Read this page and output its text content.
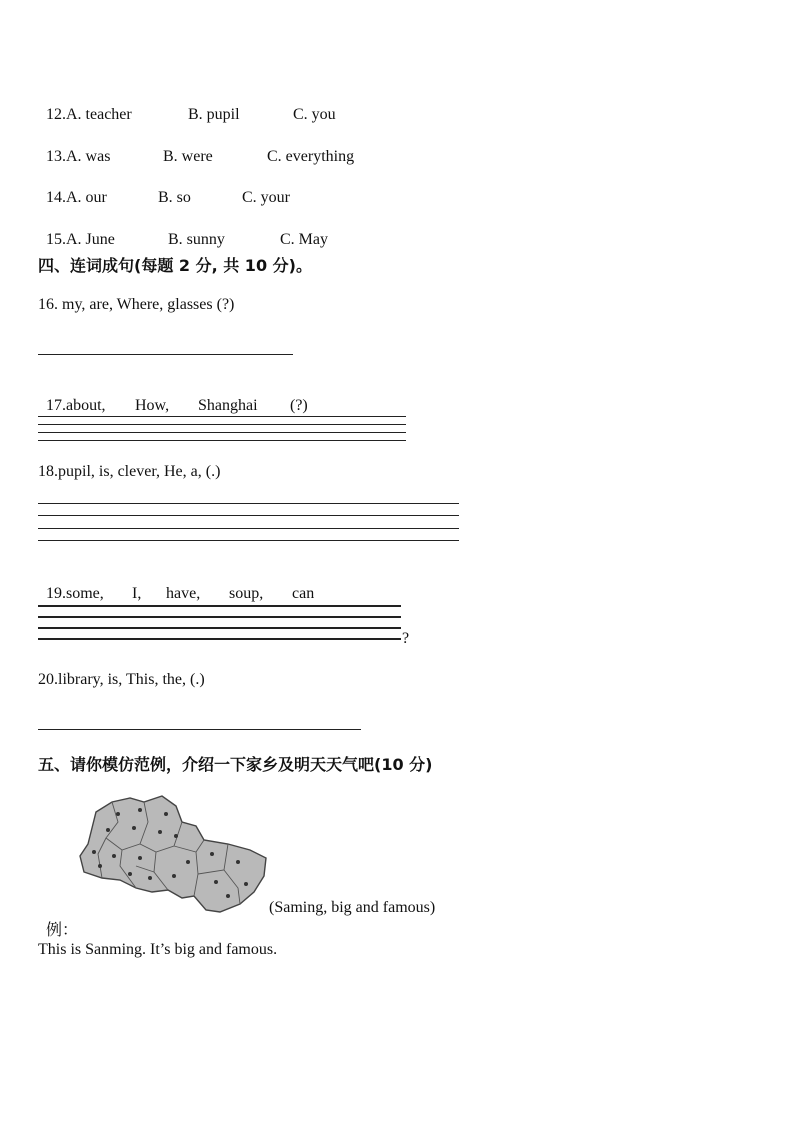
12.A. teacher	B. pupil	C. you

13.A. was	B. were	C. everything

14.A. our	B. so	C. your

15.A. June	B. sunny	C. May

四、连词成句(每题 2 分, 共 10 分)。
16. my, are, Where, glasses (?)

17.about, How, Shanghai (?)

18.pupil, is, clever, He, a, (.)

19.some, I, have, soup, can

?
20.library, is, This, the, (.)
五、请你模仿范例，介绍一下家乡及明天天气吧(10 分)

例：

(Saming, big and famous)
This is Sanming. It’s big and famous.
